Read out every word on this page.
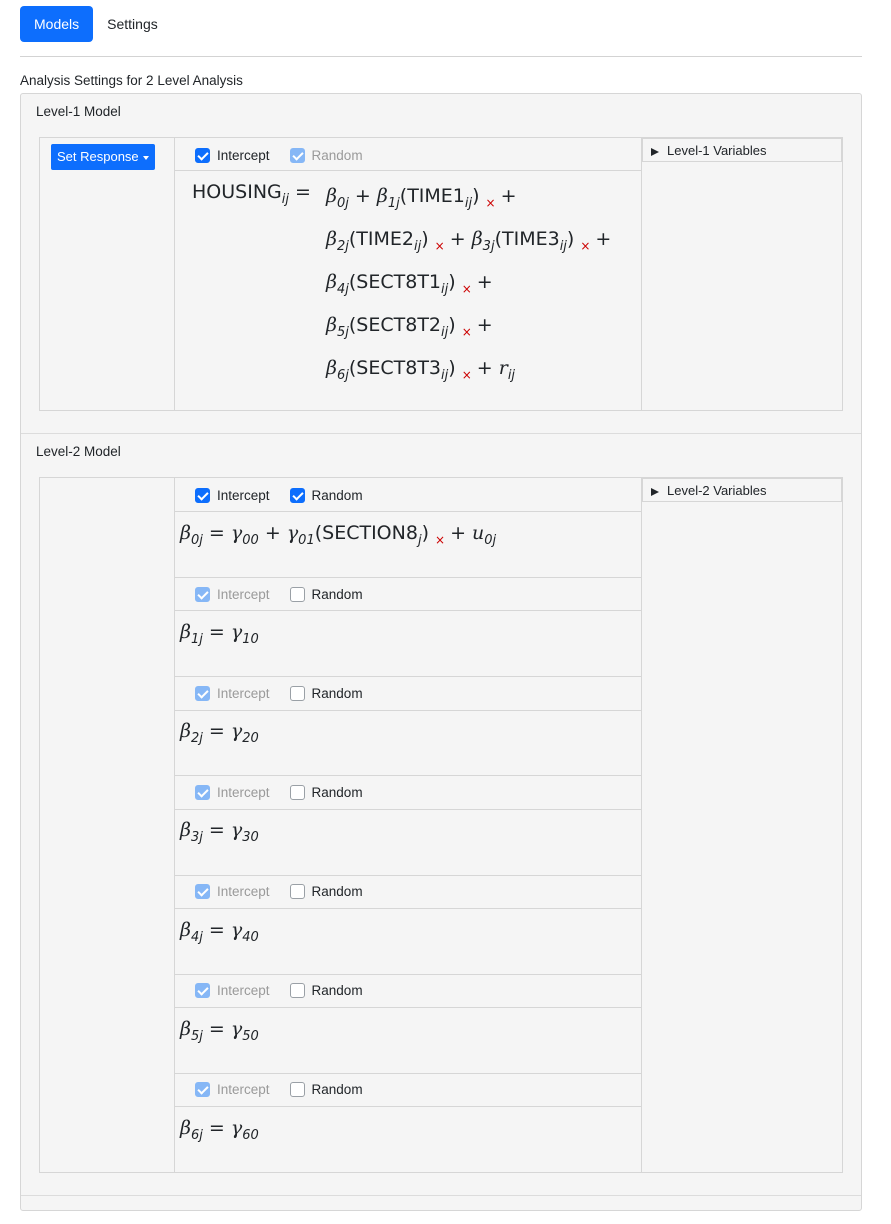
Models	Settings
Analysis Settings for 2 Level Analysis
Level-1 Model
Set Response	Intercept	Random	Level-1 Variables
$HOUSING_{ij} = \beta_{0j}$ + $\beta_{1j}(TIME1_{ij}) _\times$ +
$\beta_{2j}(TIME2_{ij}) _\times$ + $\beta_{3j}(TIME3_{ij}) _\times$ +
$\beta_{4j}(SECT8T1_{ij}) _\times$ +
$\beta_{5j}(SECT8T2_{ij}) _\times$ +
$\beta_{6j}(SECT8T3_{ij}) _\times + r_{ij}$
Level-2 Model
Level-2 Variables
Intercept	Random
$\beta_{0j} = \gamma_{00}$ + $\gamma_{01}(SECTION8_j) _\times + u_{0j}$
Intercept	Random
$\beta_{1j} = \gamma_{10}$
Intercept	Random
$\beta_{2j} = \gamma_{20}$
Intercept	Random
$\beta_{3j} = \gamma_{30}$
Intercept	Random
$\beta_{4j} = \gamma_{40}$
Intercept	Random
$\beta_{5j} = \gamma_{50}$
Intercept	Random
$\beta_{6j} = \gamma_{60}$
